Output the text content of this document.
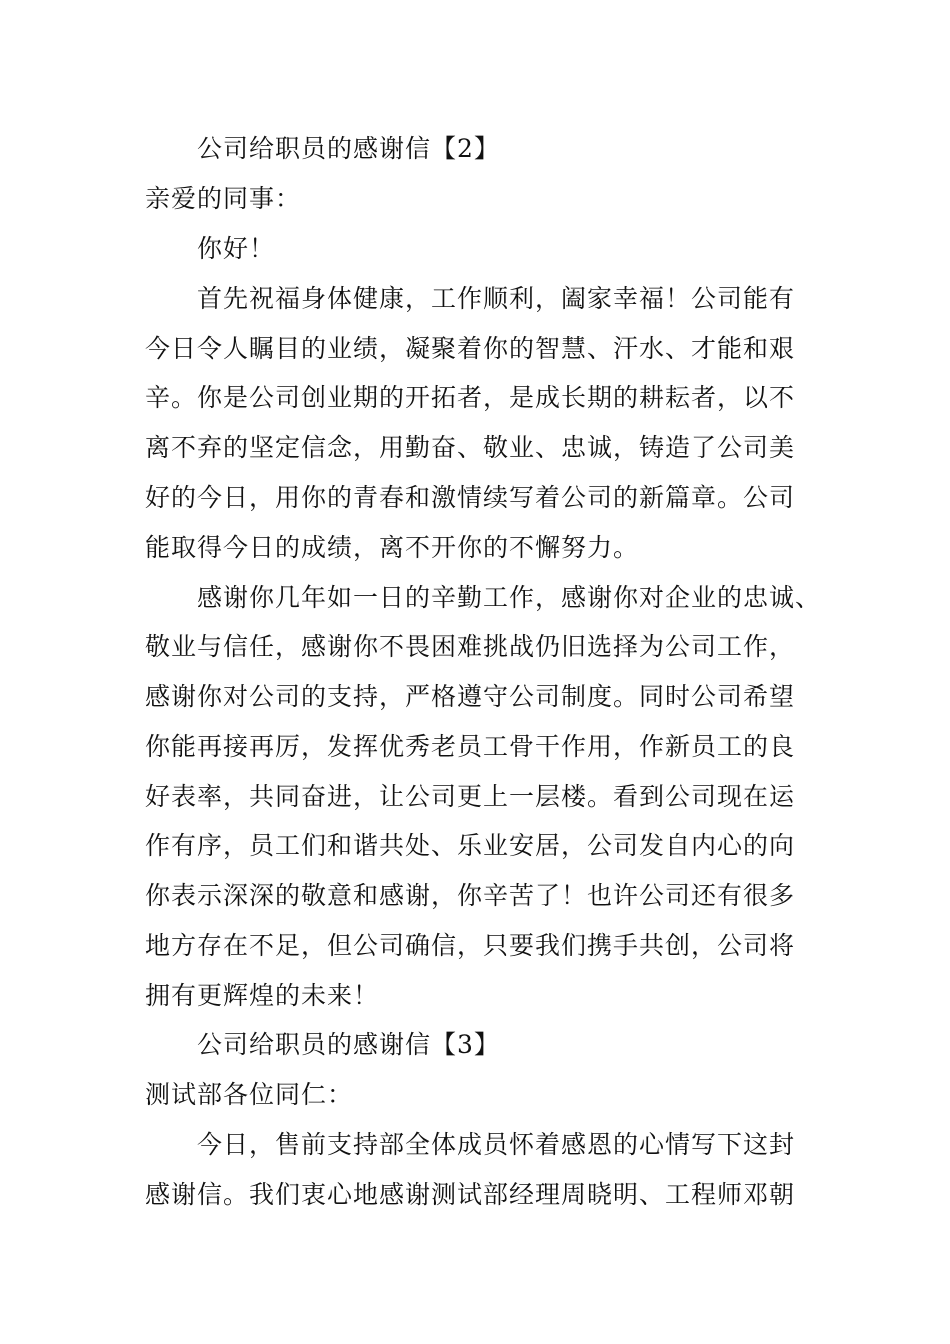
公司给职员的感谢信【2】
亲爱的同事：
你好！
首先祝福身体健康，工作顺利，阖家幸福！公司能有
今日令人瞩目的业绩，凝聚着你的智慧、汗水、才能和艰
辛。你是公司创业期的开拓者，是成长期的耕耘者，以不
离不弃的坚定信念，用勤奋、敬业、忠诚，铸造了公司美
好的今日，用你的青春和激情续写着公司的新篇章。公司
能取得今日的成绩，离不开你的不懈努力。
感谢你几年如一日的辛勤工作，感谢你对企业的忠诚、
敬业与信任，感谢你不畏困难挑战仍旧选择为公司工作，
感谢你对公司的支持，严格遵守公司制度。同时公司希望
你能再接再厉，发挥优秀老员工骨干作用，作新员工的良
好表率，共同奋进，让公司更上一层楼。看到公司现在运
作有序，员工们和谐共处、乐业安居，公司发自内心的向
你表示深深的敬意和感谢，你辛苦了！也许公司还有很多
地方存在不足，但公司确信，只要我们携手共创，公司将
拥有更辉煌的未来！
公司给职员的感谢信【3】
测试部各位同仁：
今日，售前支持部全体成员怀着感恩的心情写下这封
感谢信。我们衷心地感谢测试部经理周晓明、工程师邓朝
